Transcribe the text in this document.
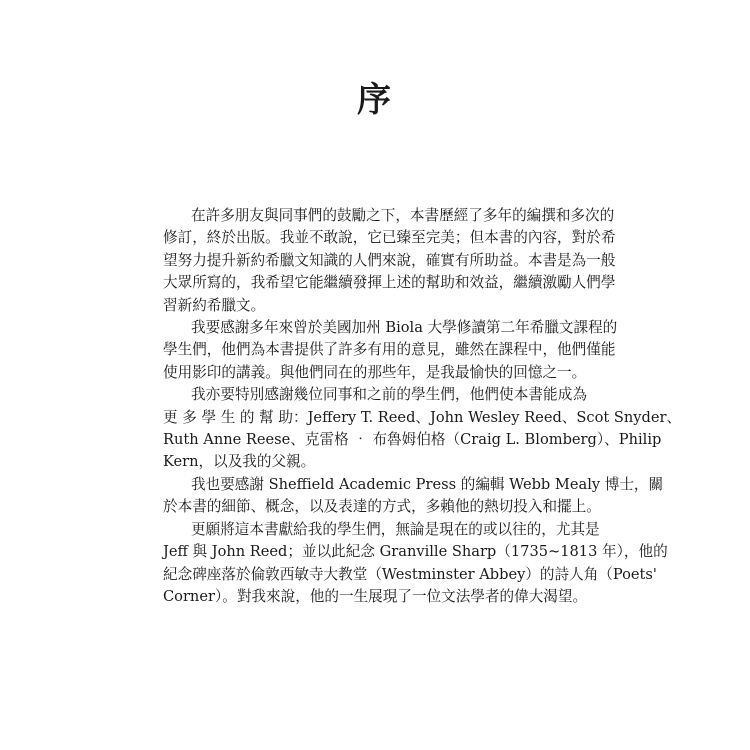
序
在許多朋友與同事們的鼓勵之下，本書歷經了多年的編撰和多次的
修訂，終於出版。我並不敢說，它已臻至完美；但本書的內容，對於希
望努力提升新約希臘文知識的人們來說，確實有所助益。本書是為一般
大眾所寫的，我希望它能繼續發揮上述的幫助和效益，繼續激勵人們學
習新約希臘文。
我要感謝多年來曾於美國加州 Biola 大學修讀第二年希臘文課程的
學生們，他們為本書提供了許多有用的意見，雖然在課程中，他們僅能
使用影印的講義。與他們同在的那些年，是我最愉快的回憶之一。
我亦要特別感謝幾位同事和之前的學生們，他們使本書能成為
更 多 學 生 的 幫 助：Jeffery T. Reed、John Wesley Reed、Scot Snyder、
Ruth Anne Reese、克雷格 ‧ 布魯姆伯格（Craig L. Blomberg）、Philip
Kern，以及我的父親。
我也要感謝 Sheffield Academic Press 的編輯 Webb Mealy 博士，關
於本書的細節、概念，以及表達的方式，多賴他的熱切投入和擺上。
更願將這本書獻給我的學生們，無論是現在的或以往的，尤其是
Jeff 與 John Reed；並以此紀念 Granville Sharp（1735~1813 年），他的
紀念碑座落於倫敦西敏寺大教堂（Westminster Abbey）的詩人角（Poets'
Corner）。對我來說，他的一生展現了一位文法學者的偉大渴望。
